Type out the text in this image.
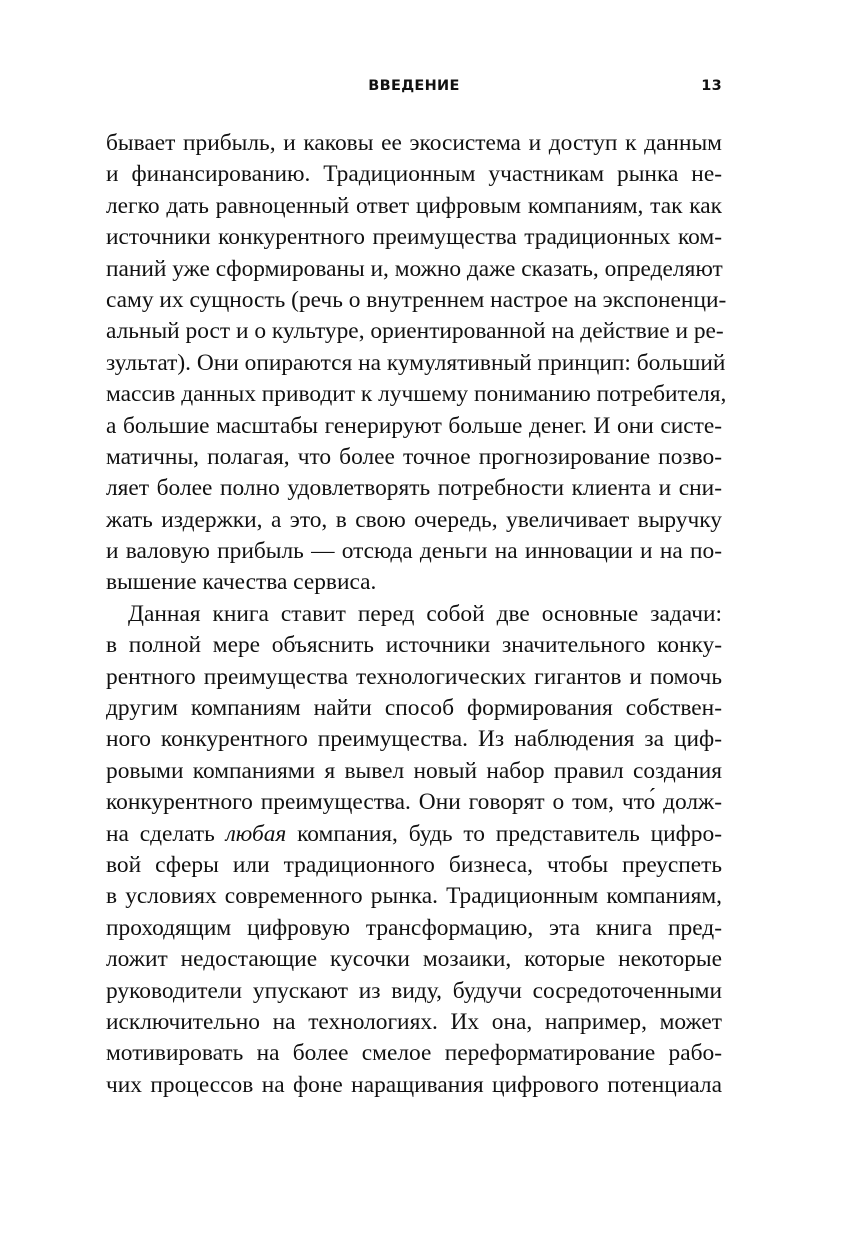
ВВЕДЕНИЕ	13
бывает прибыль, и каковы ее экосистема и доступ к данным
и финансированию. Традиционным участникам рынка не-
легко дать равноценный ответ цифровым компаниям, так как
источники конкурентного преимущества традиционных ком-
паний уже сформированы и, можно даже сказать, определяют
саму их сущность (речь о внутреннем настрое на экспоненци-
альный рост и о культуре, ориентированной на действие и ре-
зультат). Они опираются на кумулятивный принцип: больший
массив данных приводит к лучшему пониманию потребителя,
а большие масштабы генерируют больше денег. И они систе-
матичны, полагая, что более точное прогнозирование позво-
ляет более полно удовлетворять потребности клиента и сни-
жать издержки, а это, в свою очередь, увеличивает выручку
и валовую прибыль — отсюда деньги на инновации и на по-
вышение качества сервиса.
Данная книга ставит перед собой две основные задачи:
в полной мере объяснить источники значительного конку-
рентного преимущества технологических гигантов и помочь
другим компаниям найти способ формирования собствен-
ного конкурентного преимущества. Из наблюдения за циф-
ровыми компаниями я вывел новый набор правил создания
конкурентного преимущества. Они говорят о том, что́ долж-
на сделать любая компания, будь то представитель цифро-
вой сферы или традиционного бизнеса, чтобы преуспеть
в условиях современного рынка. Традиционным компаниям,
проходящим цифровую трансформацию, эта книга пред-
ложит недостающие кусочки мозаики, которые некоторые
руководители упускают из виду, будучи сосредоточенными
исключительно на технологиях. Их она, например, может
мотивировать на более смелое переформатирование рабо-
чих процессов на фоне наращивания цифрового потенциала
